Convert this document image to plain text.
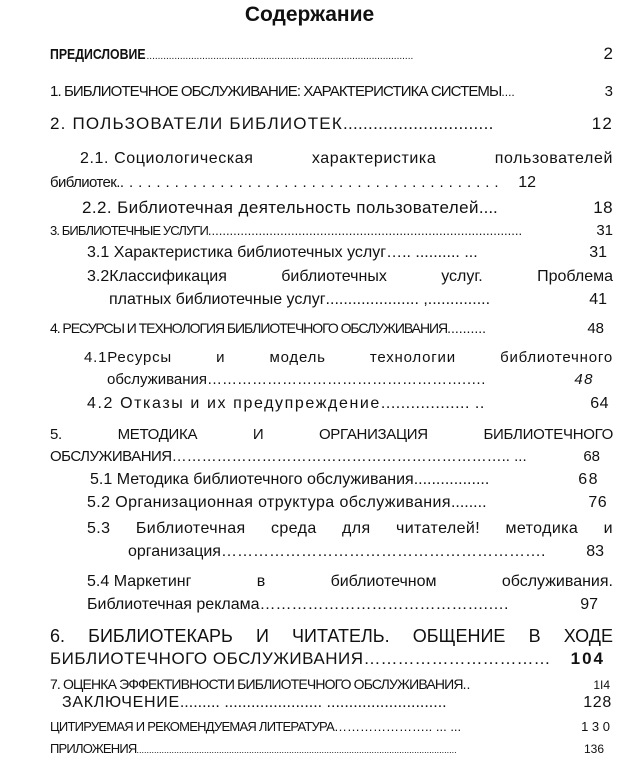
Содержание
ПРЕДИСЛОВИЕ ................................................................................................	2
1. БИБЛИОТЕЧНОЕ ОБСЛУЖИВАНИЕ: ХАРАКТЕРИСТИКА СИСТЕМЫ ....	3
2. ПОЛЬЗОВАТЕЛИ БИБЛИОТЕК ..............................	12
2.1. Социологическая	характеристика	пользователей
библиотек. . . . . . . . . . . . . . . . . . . . . . . . . . . . . . . . . . . . . . . . . . .	12
2.2. Библиотечная деятельность пользователей ....	18
3. БИБЛИОТЕЧНЫЕ УСЛУГИ .......................................................................................	31
3.1 Характеристика библиотечных услуг ….. .......... ...	31
3.2Классификация	библиотечных	услуг.	Проблема
платных библиотечные услуг ..................... ,..............	41
4. РЕСУРСЫ И ТЕХНОЛОГИЯ БИБЛИОТЕЧНОГО ОБСЛУЖИВАНИЯ ..........	48
4.1Ресурсы	и	модель	технологии	библиотечного
обслуживания …………………………………………….….	48
4.2 Отказы и их предупреждение .................. ..	64
5.	МЕТОДИКА	И	ОРГАНИЗАЦИЯ	БИБЛИОТЕЧНОГО
ОБСЛУЖИВАНИЯ ………………………………………………………….. ...	68
5.1 Методика библиотечного обслуживания.. ...............	68
5.2 Организационная отруктура обслуживания ........	76
5.3 Библиотечная среда для читателей! методика и
организация …………………………………………………….	83
5.4 Маркетинг	в	библиотечном	обслуживания.
Библиотечная реклама …………………………………….….	97
6. БИБЛИОТЕКАРЬ И ЧИТАТЕЛЬ. ОБЩЕНИЕ В ХОДЕ
БИБЛИОТЕЧНОГО ОБСЛУЖИВАНИЯ ……………………………	104
7. ОЦЕНКА ЭФФЕКТИВНОСТИ БИБЛИОТЕЧНОГО ОБСЛУЖИВАНИЯ ..	1I4
ЗАКЛЮЧЕНИЕ ......... ...................... ...........................	128
ЦИТИРУЕМАЯ И РЕКОМЕНДУЕМАЯ ЛИТЕРАТУРА ………………….. ... ...	1 3 0
ПРИЛОЖЕНИЯ ................................................................................................................................	136
